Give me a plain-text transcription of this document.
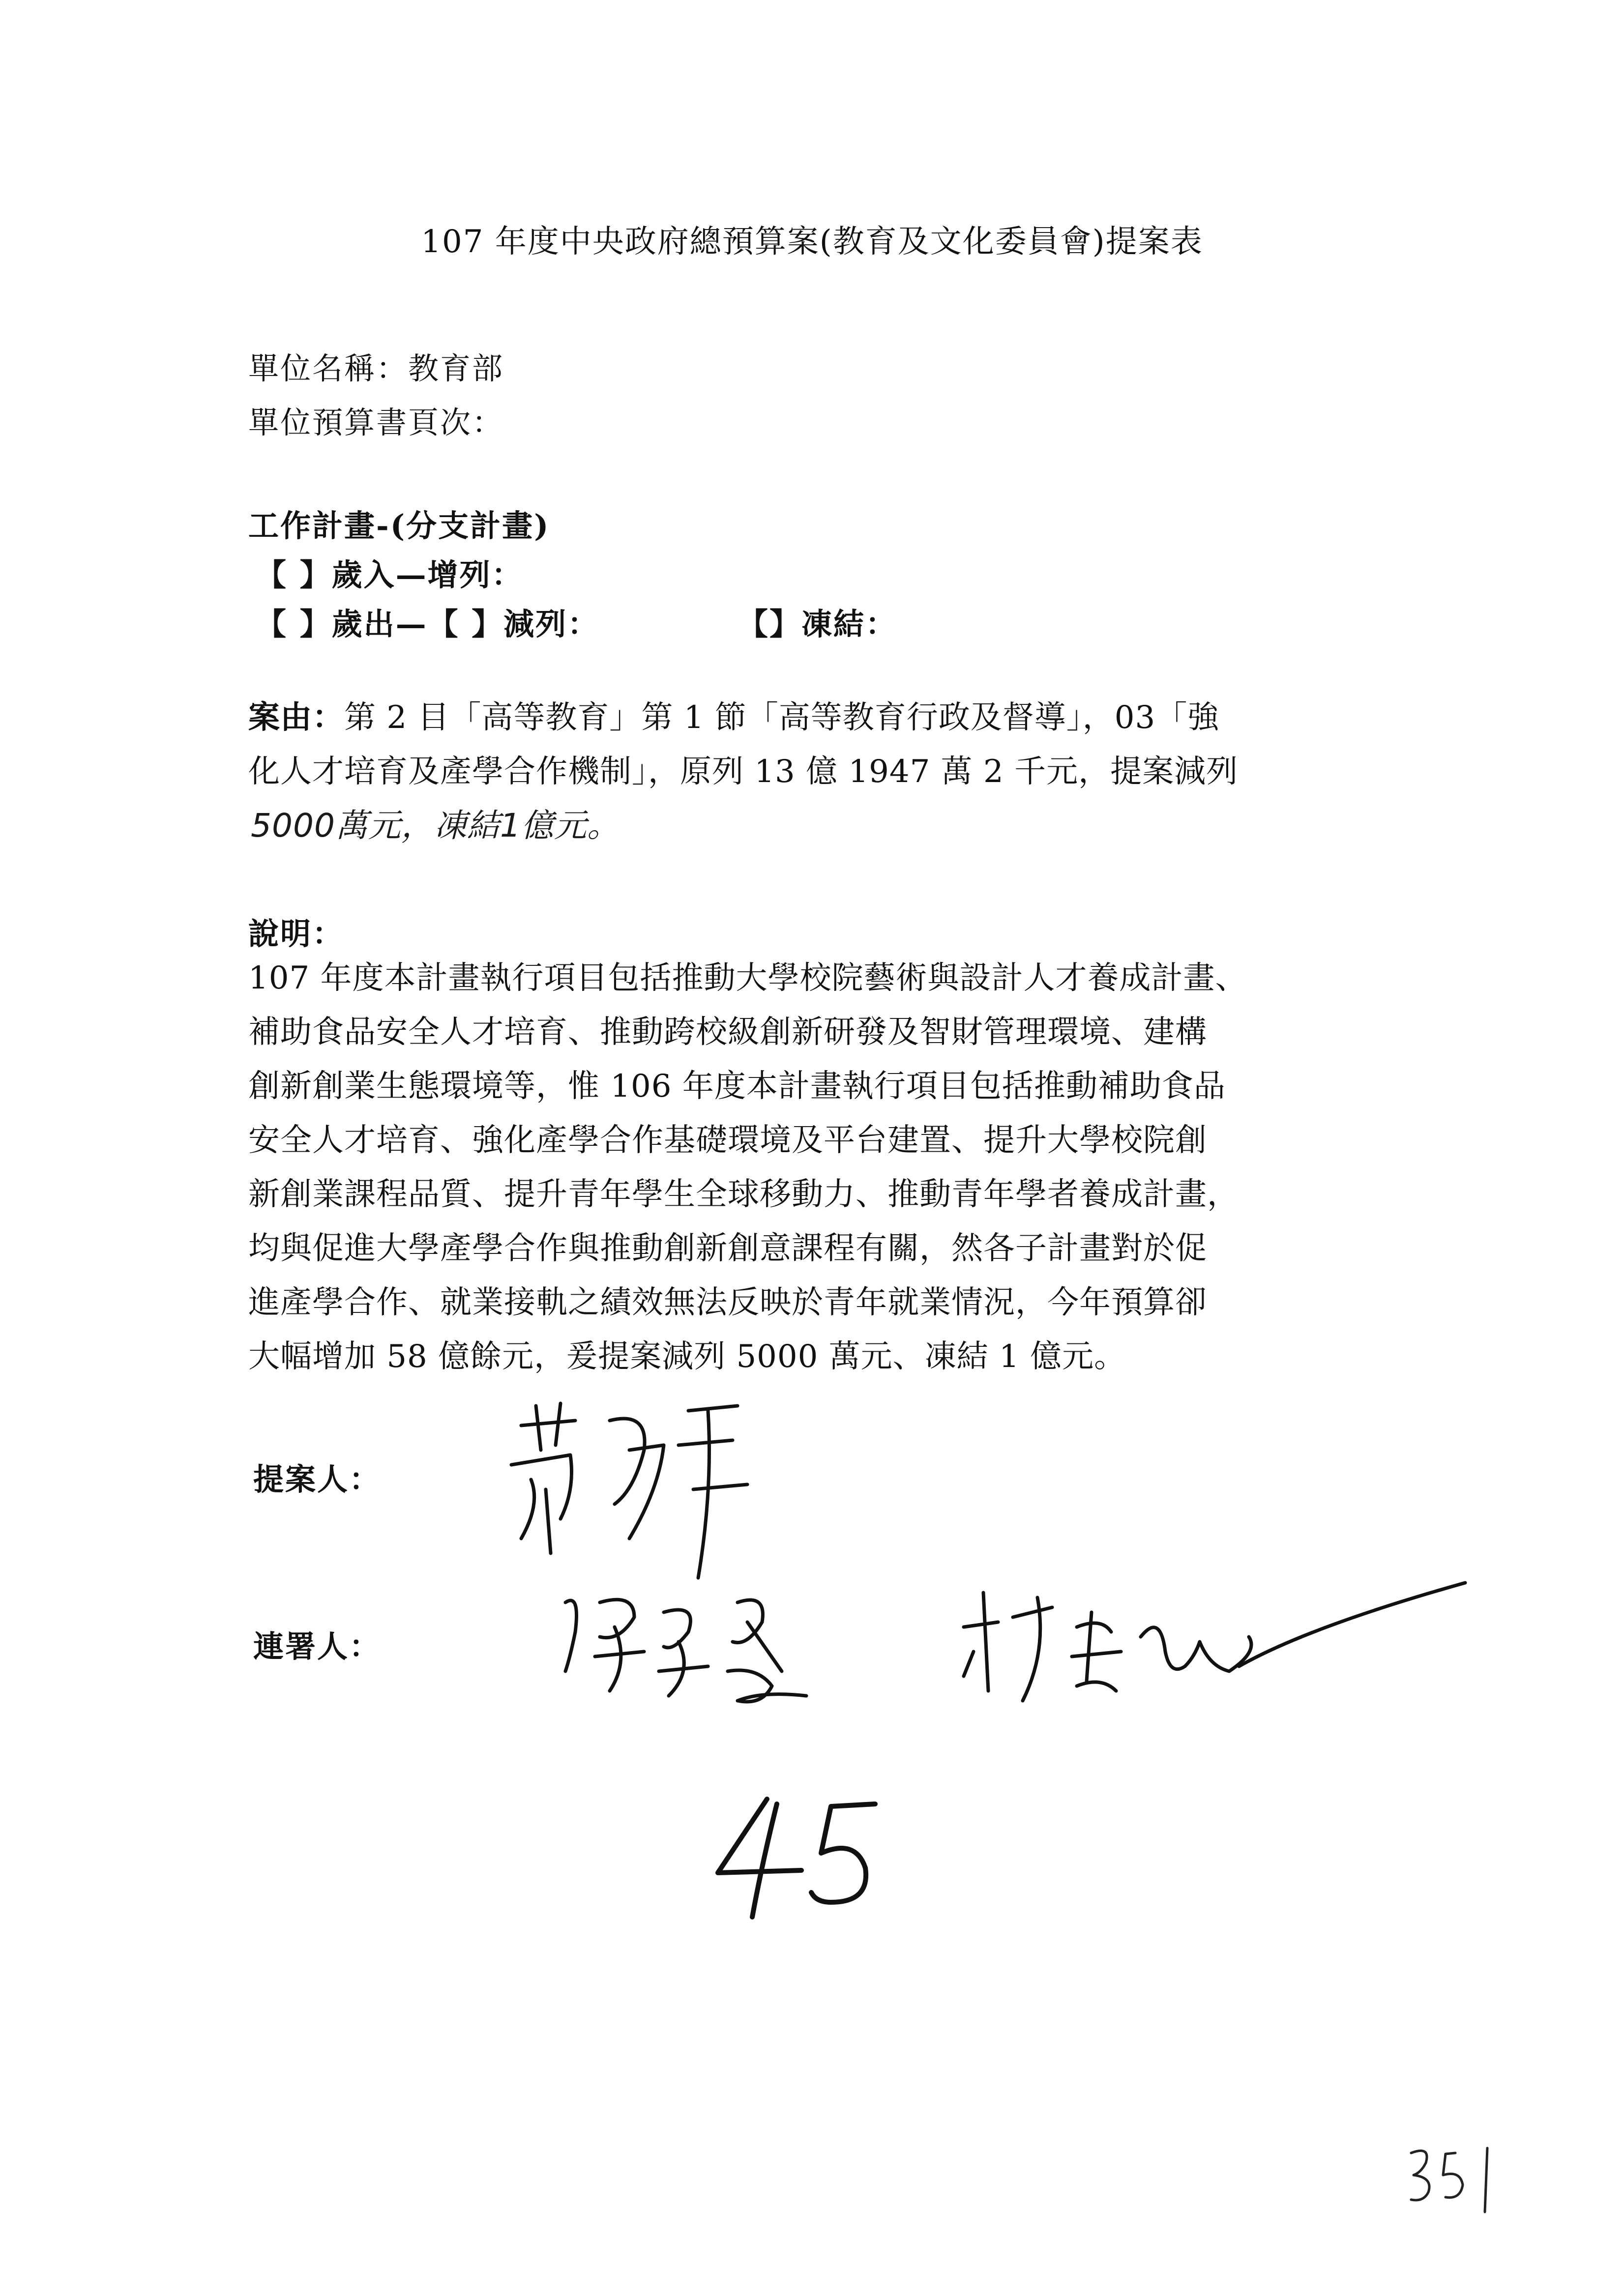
107 年度中央政府總預算案(教育及文化委員會)提案表
單位名稱：教育部
單位預算書頁次：
工作計畫-(分支計畫)
【 】歲入—增列：
【 】歲出—【 】減列：	【】凍結：
案由：第 2 目「高等教育」第 1 節「高等教育行政及督導」，03「強
化人才培育及產學合作機制」，原列 13 億 1947 萬 2 千元，提案減列
5000萬元，凍結1億元。
說明：
107 年度本計畫執行項目包括推動大學校院藝術與設計人才養成計畫、
補助食品安全人才培育、推動跨校級創新研發及智財管理環境、建構
創新創業生態環境等，惟 106 年度本計畫執行項目包括推動補助食品
安全人才培育、強化產學合作基礎環境及平台建置、提升大學校院創
新創業課程品質、提升青年學生全球移動力、推動青年學者養成計畫，
均與促進大學產學合作與推動創新創意課程有關，然各子計畫對於促
進產學合作、就業接軌之績效無法反映於青年就業情況，今年預算卻
大幅增加 58 億餘元，爰提案減列 5000 萬元、凍結 1 億元。
提案人：
連署人：
